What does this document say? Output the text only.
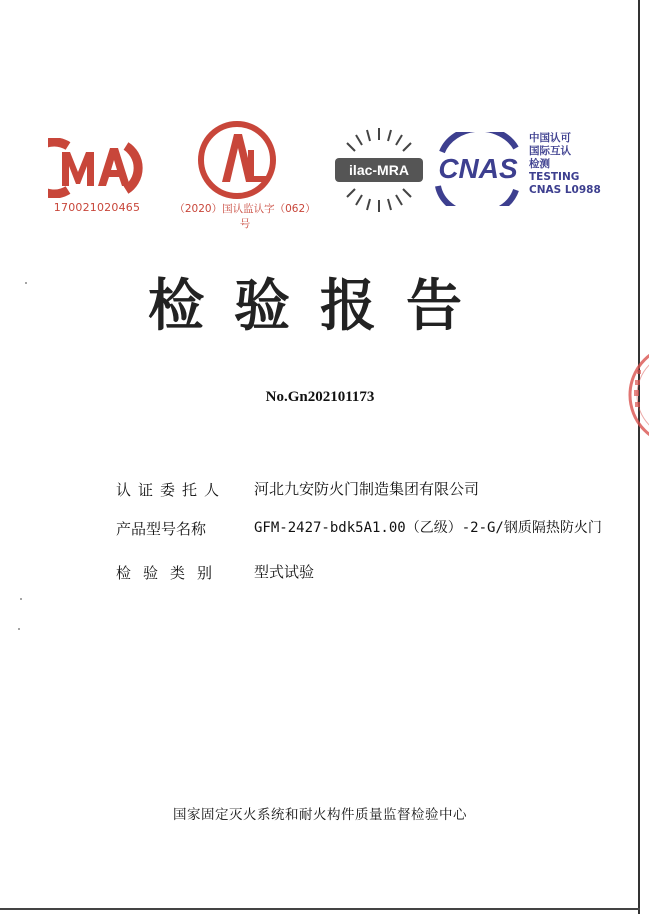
170021020465	（2020）国认监认字（062）号
ilac-MRA CNAS
中国认可
国际互认
检测
TESTING
CNAS L0988
检验报告
No.Gn202101173
认证委托人	河北九安防火门制造集团有限公司
产品型号名称	GFM-2427-bdk5A1.00（乙级）-2-G/钢质隔热防火门
检验类别	型式试验
国家固定灭火系统和耐火构件质量监督检验中心
